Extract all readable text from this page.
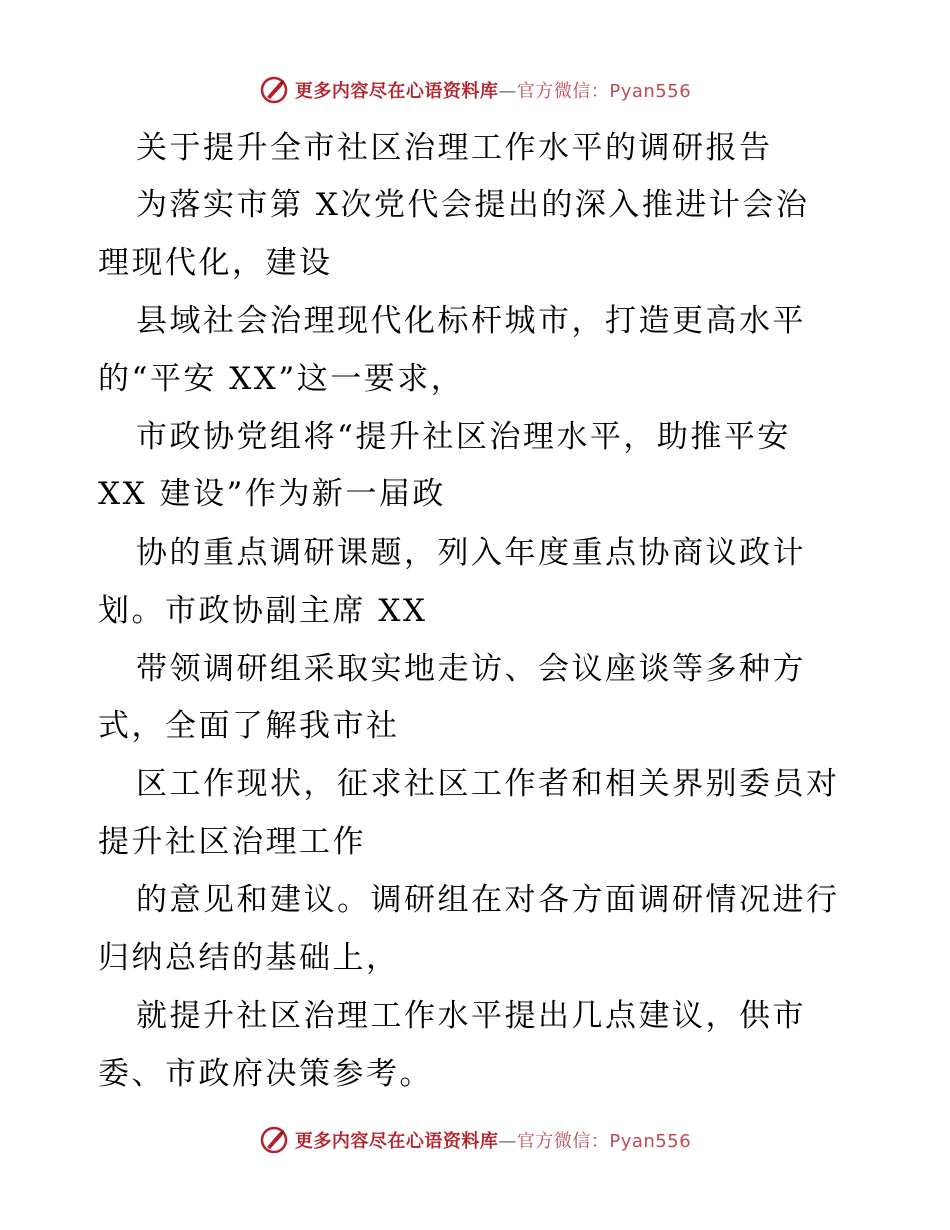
更多内容尽在心语资料库—官方微信：Pyan556
关于提升全市社区治理工作水平的调研报告
为落实市第 X次党代会提出的深入推进计会治
理现代化，建设
县域社会治理现代化标杆城市，打造更高水平
的“平安 XX”这一要求，
市政协党组将“提升社区治理水平，助推平安
XX 建设”作为新一届政
协的重点调研课题，列入年度重点协商议政计
划。市政协副主席 XX
带领调研组采取实地走访、会议座谈等多种方
式，全面了解我市社
区工作现状，征求社区工作者和相关界别委员对
提升社区治理工作
的意见和建议。调研组在对各方面调研情况进行
归纳总结的基础上，
就提升社区治理工作水平提出几点建议，供市
委、市政府决策参考。
更多内容尽在心语资料库—官方微信：Pyan556
